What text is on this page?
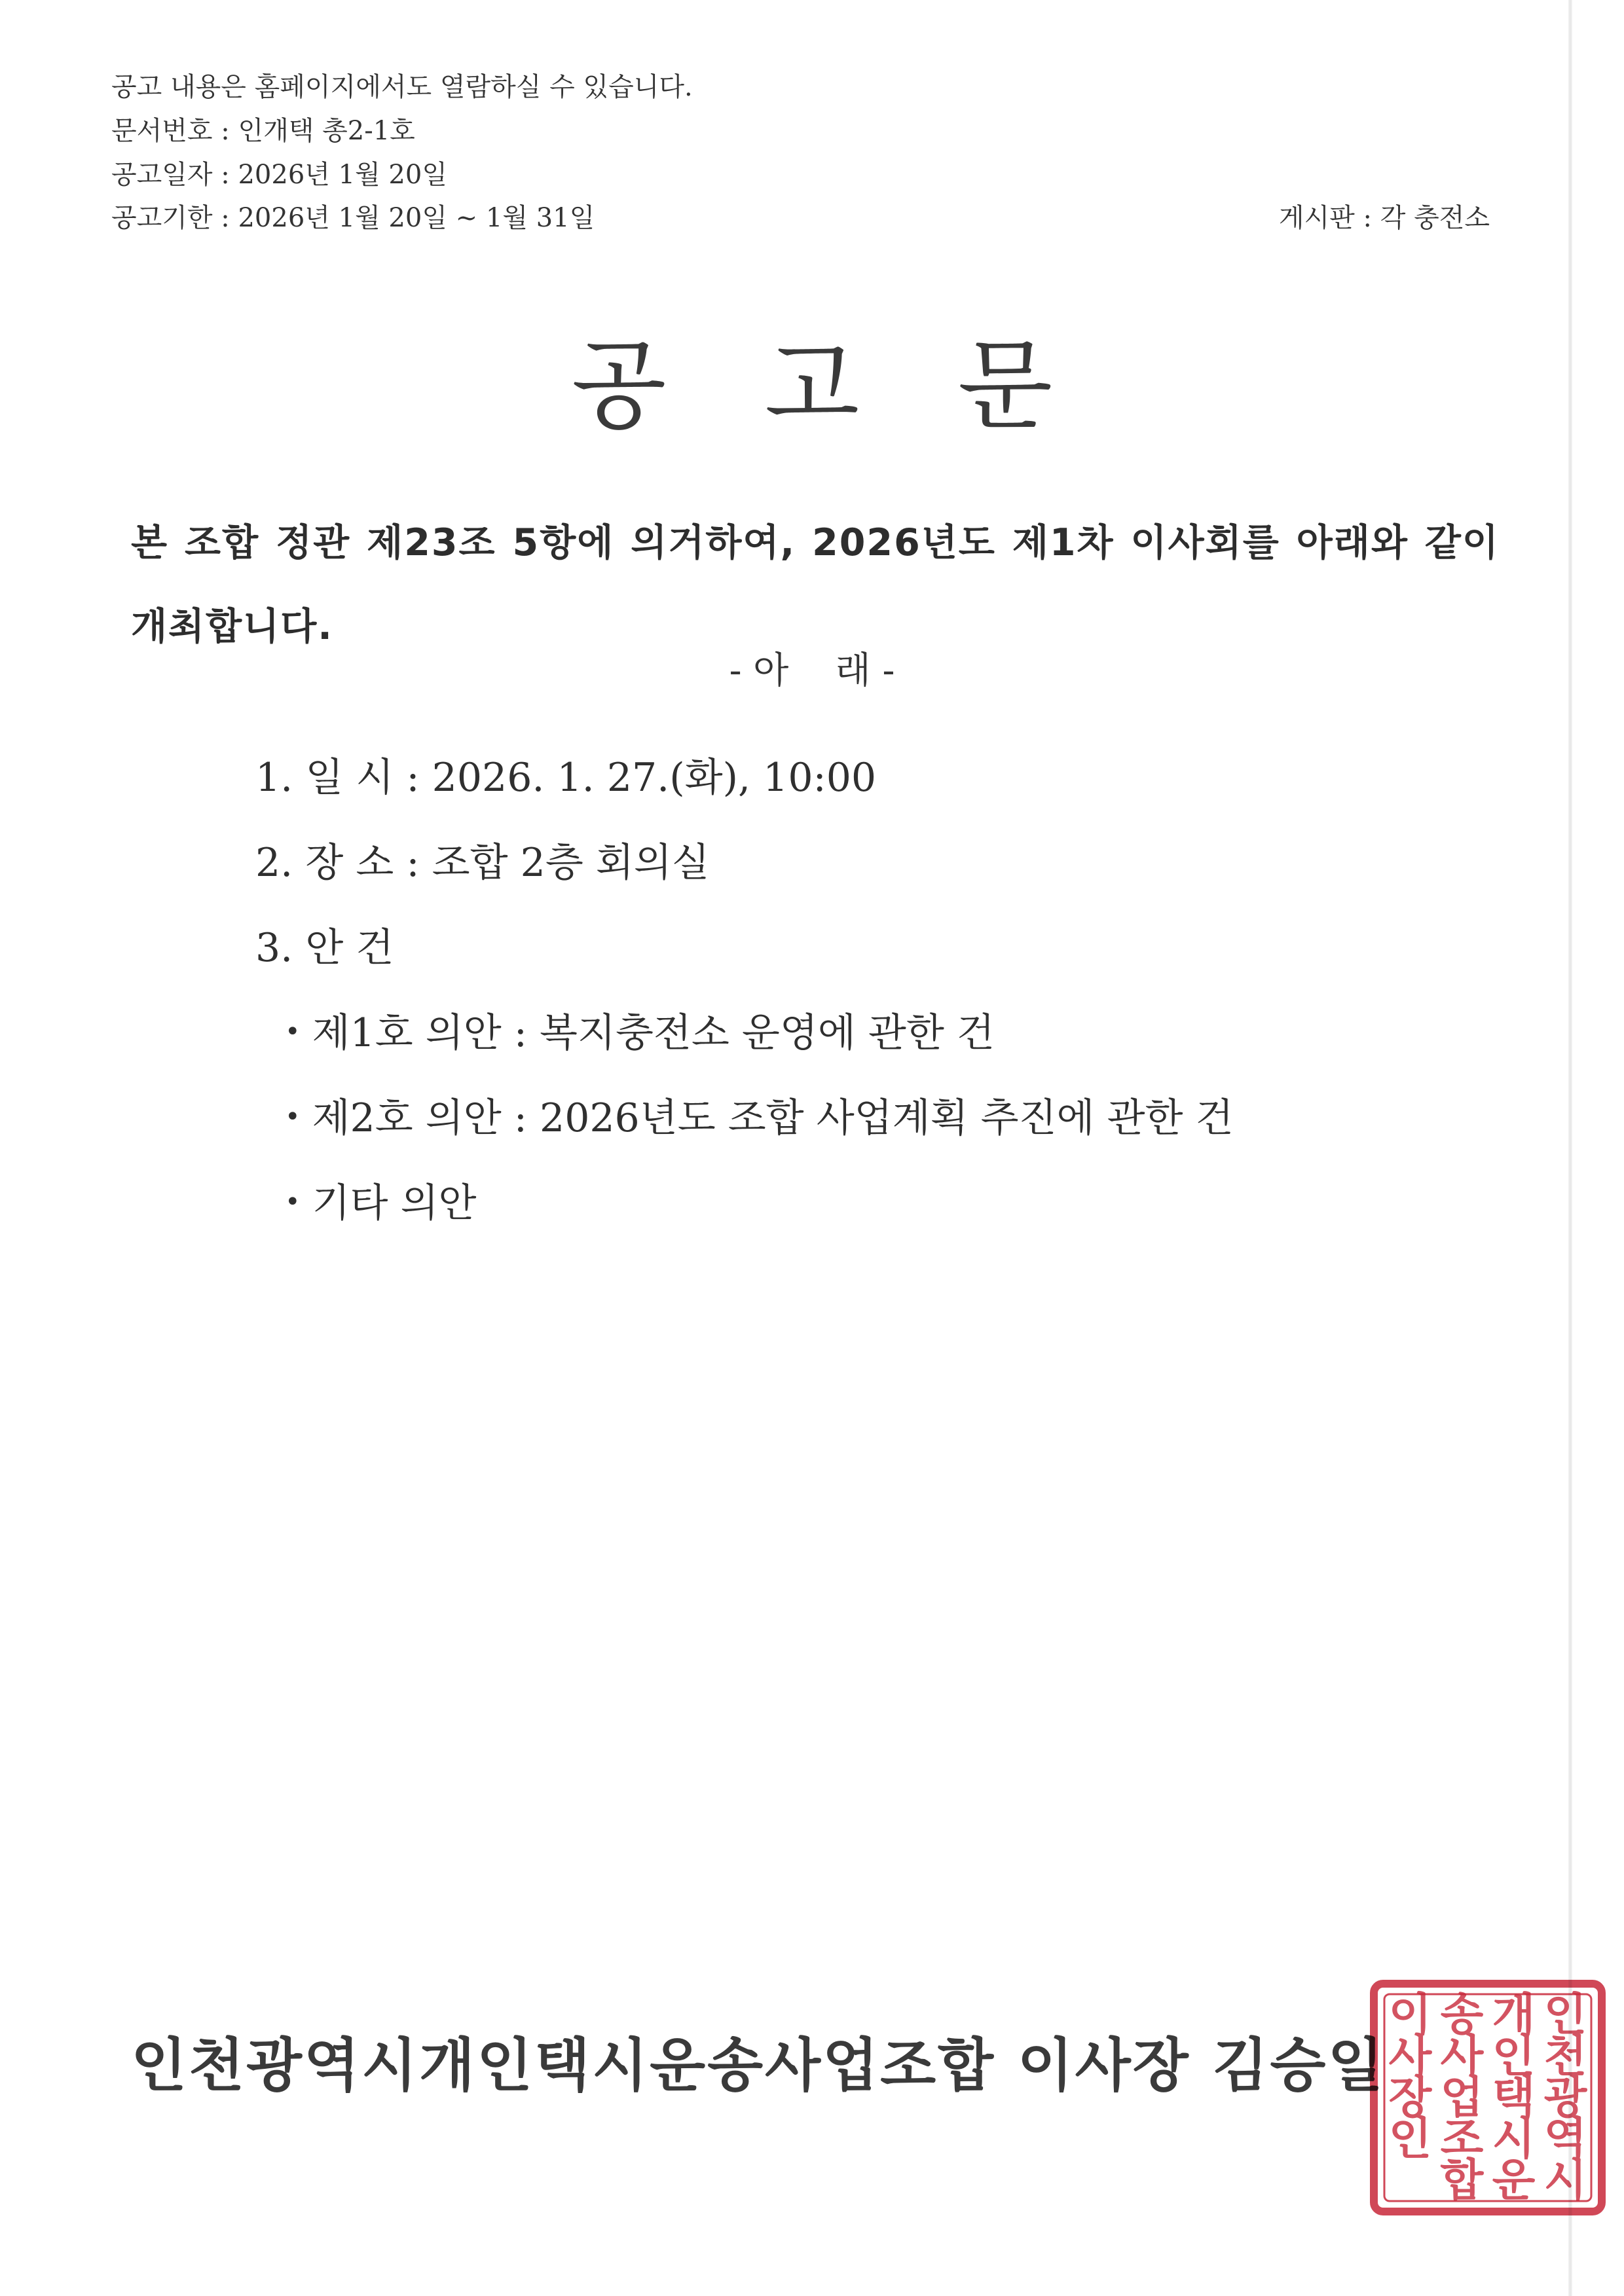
공고 내용은 홈페이지에서도 열람하실 수 있습니다.
문서번호 : 인개택 총2-1호
공고일자 : 2026년 1월 20일
공고기한 : 2026년 1월 20일 ~ 1월 31일	게시판 : 각 충전소
공고문
본 조합 정관 제23조 5항에 의거하여, 2026년도 제1차 이사회를 아래와 같이 개최합니다.
- 아    래 -
1. 일 시 : 2026. 1. 27.(화), 10:00
2. 장 소 : 조합 2층 회의실
3. 안 건
• 제1호 의안 : 복지충전소 운영에 관한 건
• 제2호 의안 : 2026년도 조합 사업계획 추진에 관한 건
• 기타 의안
인천광역시개인택시운송사업조합 이사장 김승일
인
천
광
역
시
개
인
택
시
운
송
사
업
조
합
이
사
장
인
